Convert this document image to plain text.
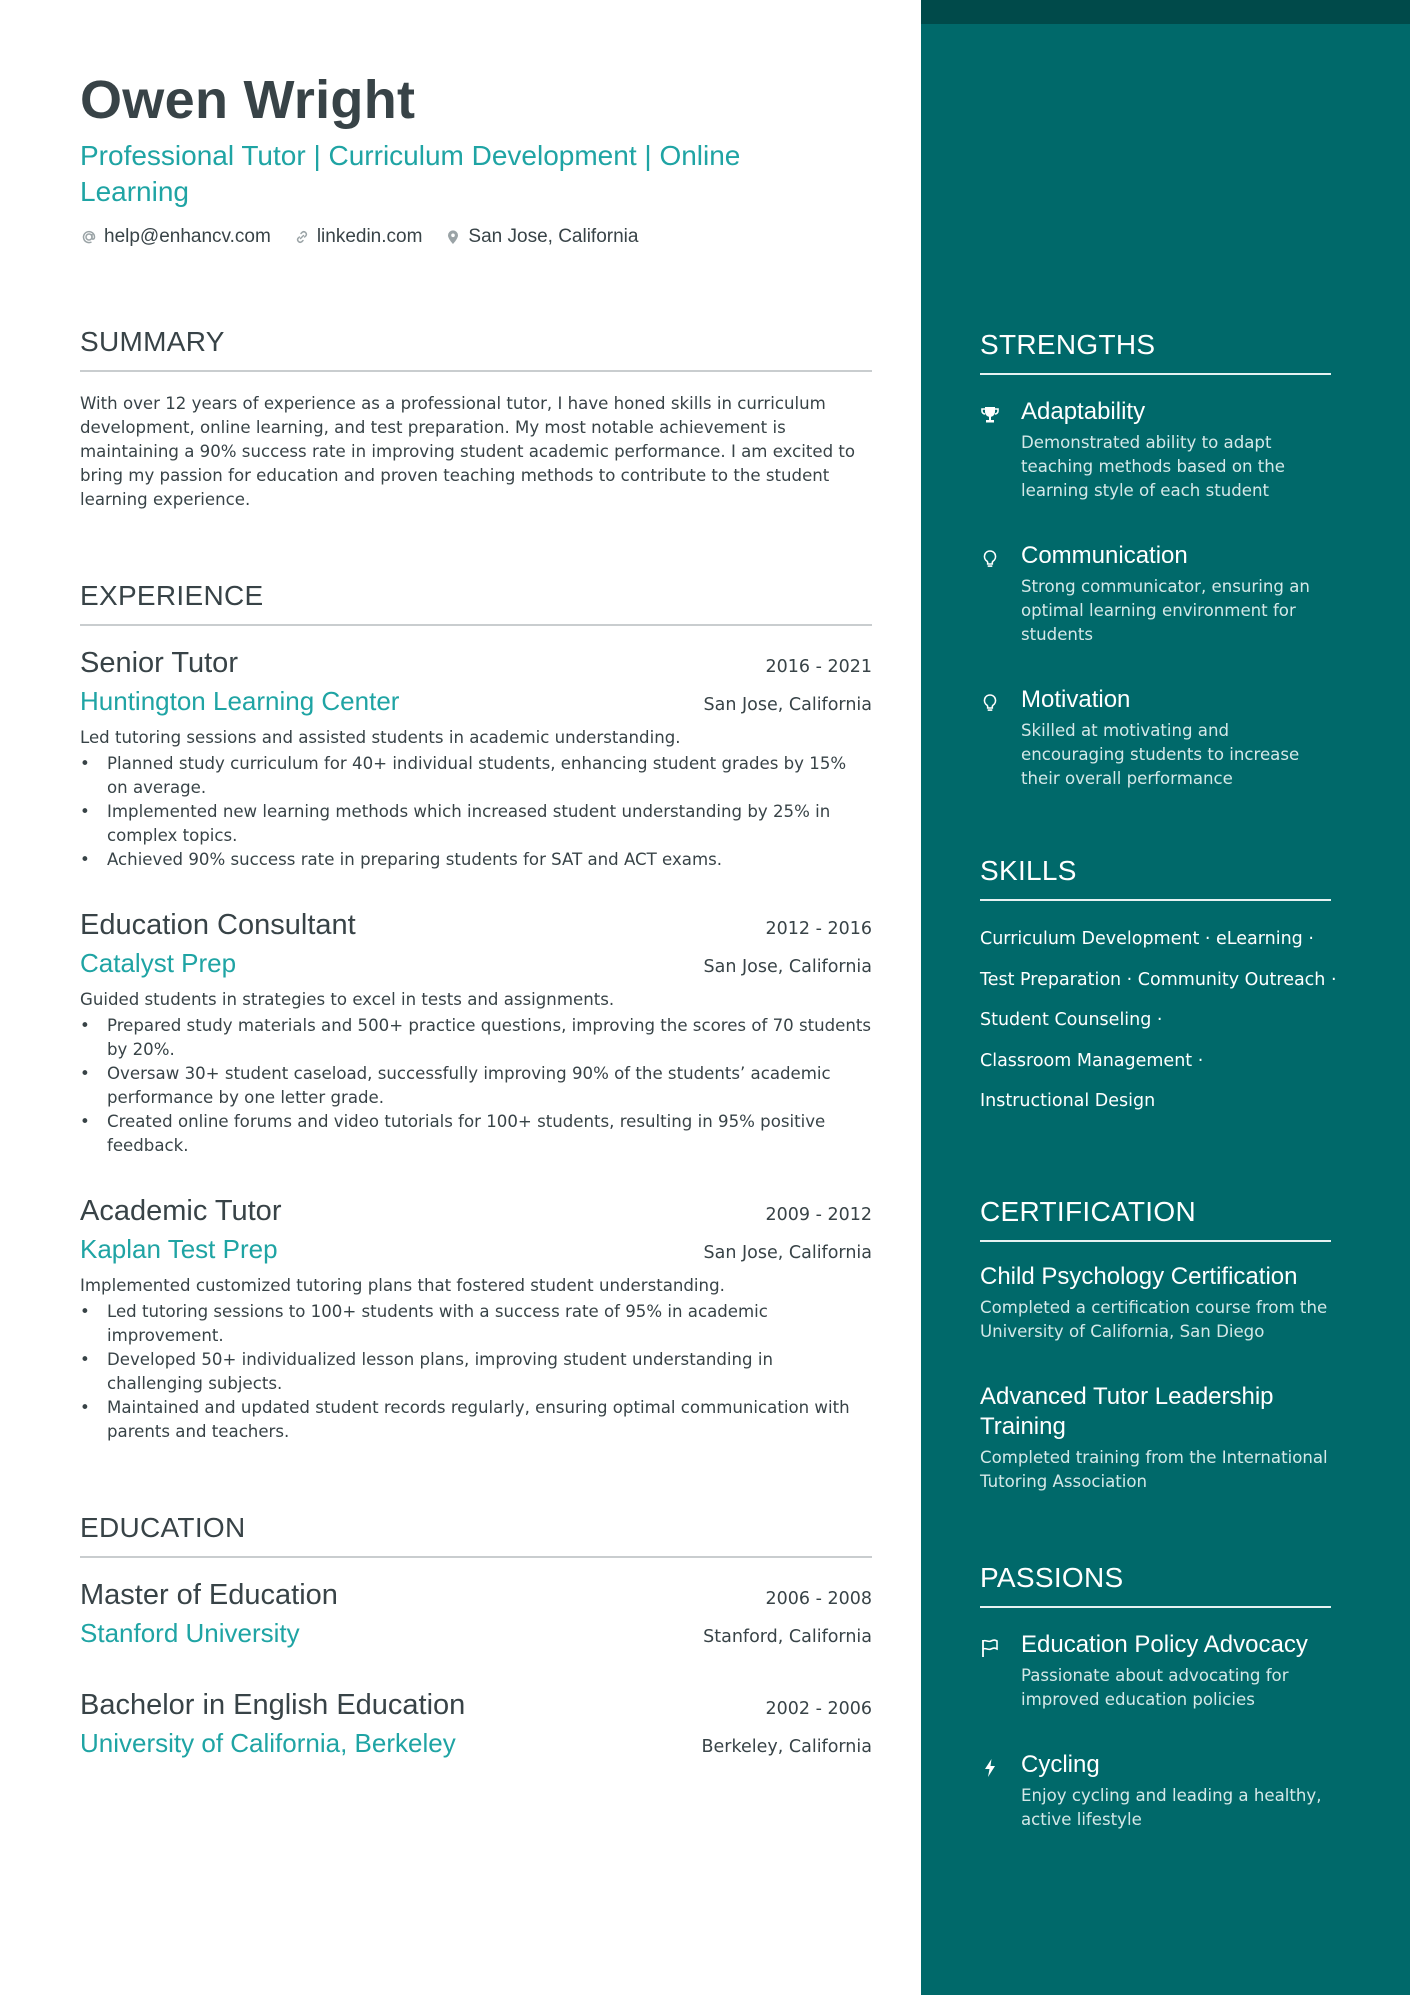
Owen Wright
Professional Tutor | Curriculum Development | Online Learning
help@enhancv.com linkedin.com San Jose, California
SUMMARY
With over 12 years of experience as a professional tutor, I have honed skills in curriculum development, online learning, and test preparation. My most notable achievement is maintaining a 90% success rate in improving student academic performance. I am excited to bring my passion for education and proven teaching methods to contribute to the student learning experience.
EXPERIENCE
Senior Tutor	2016 - 2021
Huntington Learning Center	San Jose, California
Led tutoring sessions and assisted students in academic understanding.
• Planned study curriculum for 40+ individual students, enhancing student grades by 15% on average.
• Implemented new learning methods which increased student understanding by 25% in complex topics.
• Achieved 90% success rate in preparing students for SAT and ACT exams.
Education Consultant	2012 - 2016
Catalyst Prep	San Jose, California
Guided students in strategies to excel in tests and assignments.
• Prepared study materials and 500+ practice questions, improving the scores of 70 students by 20%.
• Oversaw 30+ student caseload, successfully improving 90% of the students’ academic performance by one letter grade.
• Created online forums and video tutorials for 100+ students, resulting in 95% positive feedback.
Academic Tutor	2009 - 2012
Kaplan Test Prep	San Jose, California
Implemented customized tutoring plans that fostered student understanding.
• Led tutoring sessions to 100+ students with a success rate of 95% in academic improvement.
• Developed 50+ individualized lesson plans, improving student understanding in challenging subjects.
• Maintained and updated student records regularly, ensuring optimal communication with parents and teachers.
EDUCATION
Master of Education	2006 - 2008
Stanford University	Stanford, California
Bachelor in English Education	2002 - 2006
University of California, Berkeley	Berkeley, California
STRENGTHS
Adaptability
Demonstrated ability to adapt teaching methods based on the learning style of each student
Communication
Strong communicator, ensuring an optimal learning environment for students
Motivation
Skilled at motivating and encouraging students to increase their overall performance
SKILLS
Curriculum Development · eLearning ·
Test Preparation · Community Outreach ·
Student Counseling ·
Classroom Management ·
Instructional Design
CERTIFICATION
Child Psychology Certification
Completed a certification course from the University of California, San Diego
Advanced Tutor Leadership Training
Completed training from the International Tutoring Association
PASSIONS
Education Policy Advocacy
Passionate about advocating for improved education policies
Cycling
Enjoy cycling and leading a healthy, active lifestyle
